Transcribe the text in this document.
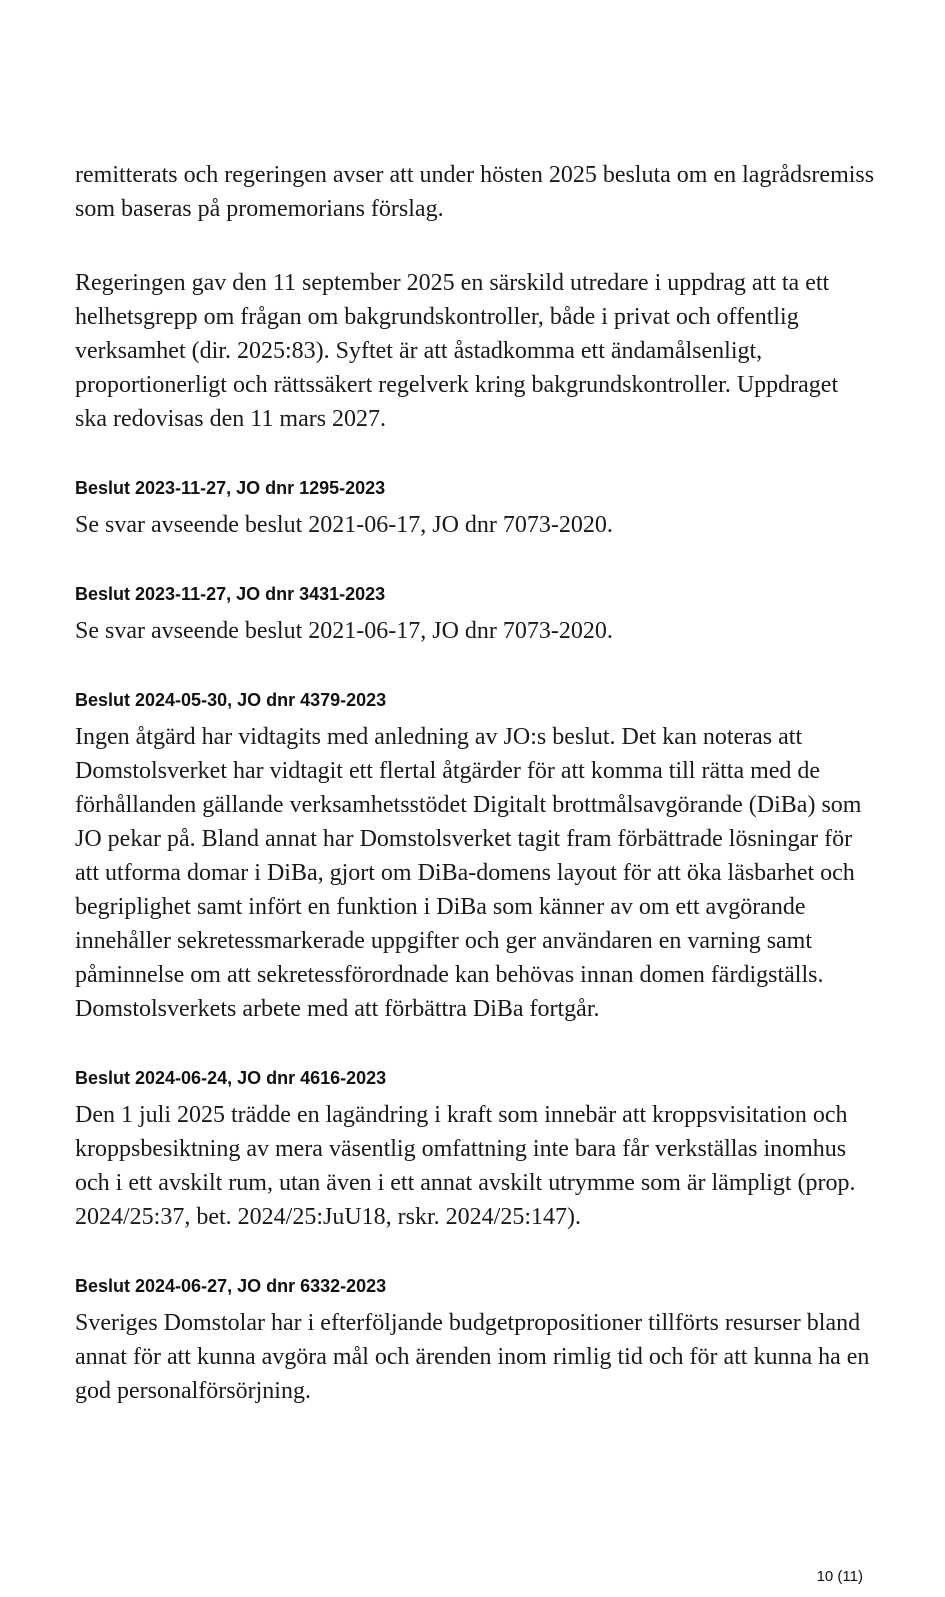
remitterats och regeringen avser att under hösten 2025 besluta om en lagrådsremiss som baseras på promemorians förslag.

Regeringen gav den 11 september 2025 en särskild utredare i uppdrag att ta ett helhetsgrepp om frågan om bakgrundskontroller, både i privat och offentlig verksamhet (dir. 2025:83). Syftet är att åstadkomma ett ändamålsenligt, proportionerligt och rättssäkert regelverk kring bakgrundskontroller. Uppdraget ska redovisas den 11 mars 2027.

Beslut 2023-11-27, JO dnr 1295-2023

Se svar avseende beslut 2021-06-17, JO dnr 7073-2020.

Beslut 2023-11-27, JO dnr 3431-2023

Se svar avseende beslut 2021-06-17, JO dnr 7073-2020.

Beslut 2024-05-30, JO dnr 4379-2023

Ingen åtgärd har vidtagits med anledning av JO:s beslut. Det kan noteras att Domstolsverket har vidtagit ett flertal åtgärder för att komma till rätta med de förhållanden gällande verksamhetsstödet Digitalt brottmålsavgörande (DiBa) som JO pekar på. Bland annat har Domstolsverket tagit fram förbättrade lösningar för att utforma domar i DiBa, gjort om DiBa-domens layout för att öka läsbarhet och begriplighet samt infört en funktion i DiBa som känner av om ett avgörande innehåller sekretessmarkerade uppgifter och ger användaren en varning samt påminnelse om att sekretessförordnade kan behövas innan domen färdigställs. Domstolsverkets arbete med att förbättra DiBa fortgår.

Beslut 2024-06-24, JO dnr 4616-2023

Den 1 juli 2025 trädde en lagändring i kraft som innebär att kroppsvisitation och kroppsbesiktning av mera väsentlig omfattning inte bara får verkställas inomhus och i ett avskilt rum, utan även i ett annat avskilt utrymme som är lämpligt (prop. 2024/25:37, bet. 2024/25:JuU18, rskr. 2024/25:147).

Beslut 2024-06-27, JO dnr 6332-2023

Sveriges Domstolar har i efterföljande budgetpropositioner tillförts resurser bland annat för att kunna avgöra mål och ärenden inom rimlig tid och för att kunna ha en god personalförsörjning.

10 (11)
